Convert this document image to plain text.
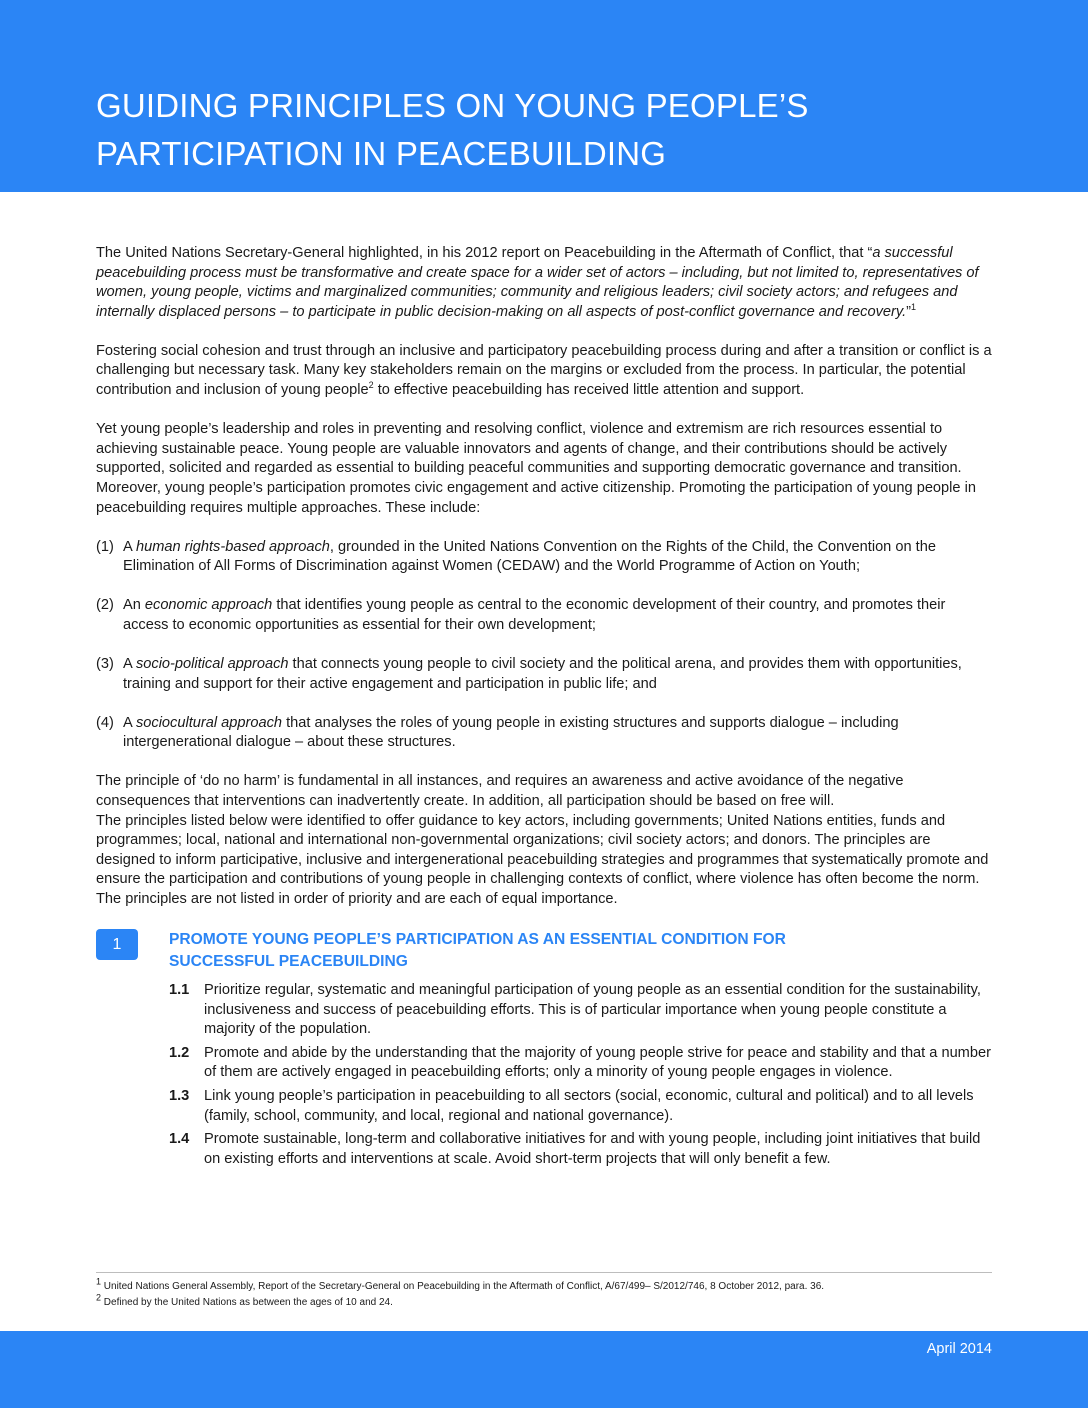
GUIDING PRINCIPLES ON YOUNG PEOPLE’S
PARTICIPATION IN PEACEBUILDING

The United Nations Secretary-General highlighted, in his 2012 report on Peacebuilding in the Aftermath of Conflict, that “a successful peacebuilding process must be transformative and create space for a wider set of actors – including, but not limited to, representatives of women, young people, victims and marginalized communities; community and religious leaders; civil society actors; and refugees and internally displaced persons – to participate in public decision-making on all aspects of post-conflict governance and recovery.”$^1$

Fostering social cohesion and trust through an inclusive and participatory peacebuilding process during and after a transition or conflict is a challenging but necessary task. Many key stakeholders remain on the margins or excluded from the process. In particular, the potential contribution and inclusion of young people$^2$ to effective peacebuilding has received little attention and support.

Yet young people’s leadership and roles in preventing and resolving conflict, violence and extremism are rich resources essential to achieving sustainable peace. Young people are valuable innovators and agents of change, and their contributions should be actively supported, solicited and regarded as essential to building peaceful communities and supporting democratic governance and transition. Moreover, young people’s participation promotes civic engagement and active citizenship. Promoting the participation of young people in peacebuilding requires multiple approaches. These include:

(1) A human rights-based approach, grounded in the United Nations Convention on the Rights of the Child, the Convention on the Elimination of All Forms of Discrimination against Women (CEDAW) and the World Programme of Action on Youth;
(2) An economic approach that identifies young people as central to the economic development of their country, and promotes their access to economic opportunities as essential for their own development;
(3) A socio-political approach that connects young people to civil society and the political arena, and provides them with opportunities, training and support for their active engagement and participation in public life; and
(4) A sociocultural approach that analyses the roles of young people in existing structures and supports dialogue – including intergenerational dialogue – about these structures.

The principle of ‘do no harm’ is fundamental in all instances, and requires an awareness and active avoidance of the negative consequences that interventions can inadvertently create. In addition, all participation should be based on free will.

The principles listed below were identified to offer guidance to key actors, including governments; United Nations entities, funds and programmes; local, national and international non-governmental organizations; civil society actors; and donors. The principles are designed to inform participative, inclusive and intergenerational peacebuilding strategies and programmes that systematically promote and ensure the participation and contributions of young people in challenging contexts of conflict, where violence has often become the norm. The principles are not listed in order of priority and are each of equal importance.

1	PROMOTE YOUNG PEOPLE’S PARTICIPATION AS AN ESSENTIAL CONDITION FOR
SUCCESSFUL PEACEBUILDING
1.1	Prioritize regular, systematic and meaningful participation of young people as an essential condition for the sustainability, inclusiveness and success of peacebuilding efforts. This is of particular importance when young people constitute a majority of the population.
1.2	Promote and abide by the understanding that the majority of young people strive for peace and stability and that a number of them are actively engaged in peacebuilding efforts; only a minority of young people engages in violence.
1.3	Link young people’s participation in peacebuilding to all sectors (social, economic, cultural and political) and to all levels (family, school, community, and local, regional and national governance).
1.4	Promote sustainable, long-term and collaborative initiatives for and with young people, including joint initiatives that build on existing efforts and interventions at scale. Avoid short-term projects that will only benefit a few.
$^1$ United Nations General Assembly, Report of the Secretary-General on Peacebuilding in the Aftermath of Conflict, A/67/499– S/2012/746, 8 October 2012, para. 36.
$^2$ Defined by the United Nations as between the ages of 10 and 24.
April 2014
